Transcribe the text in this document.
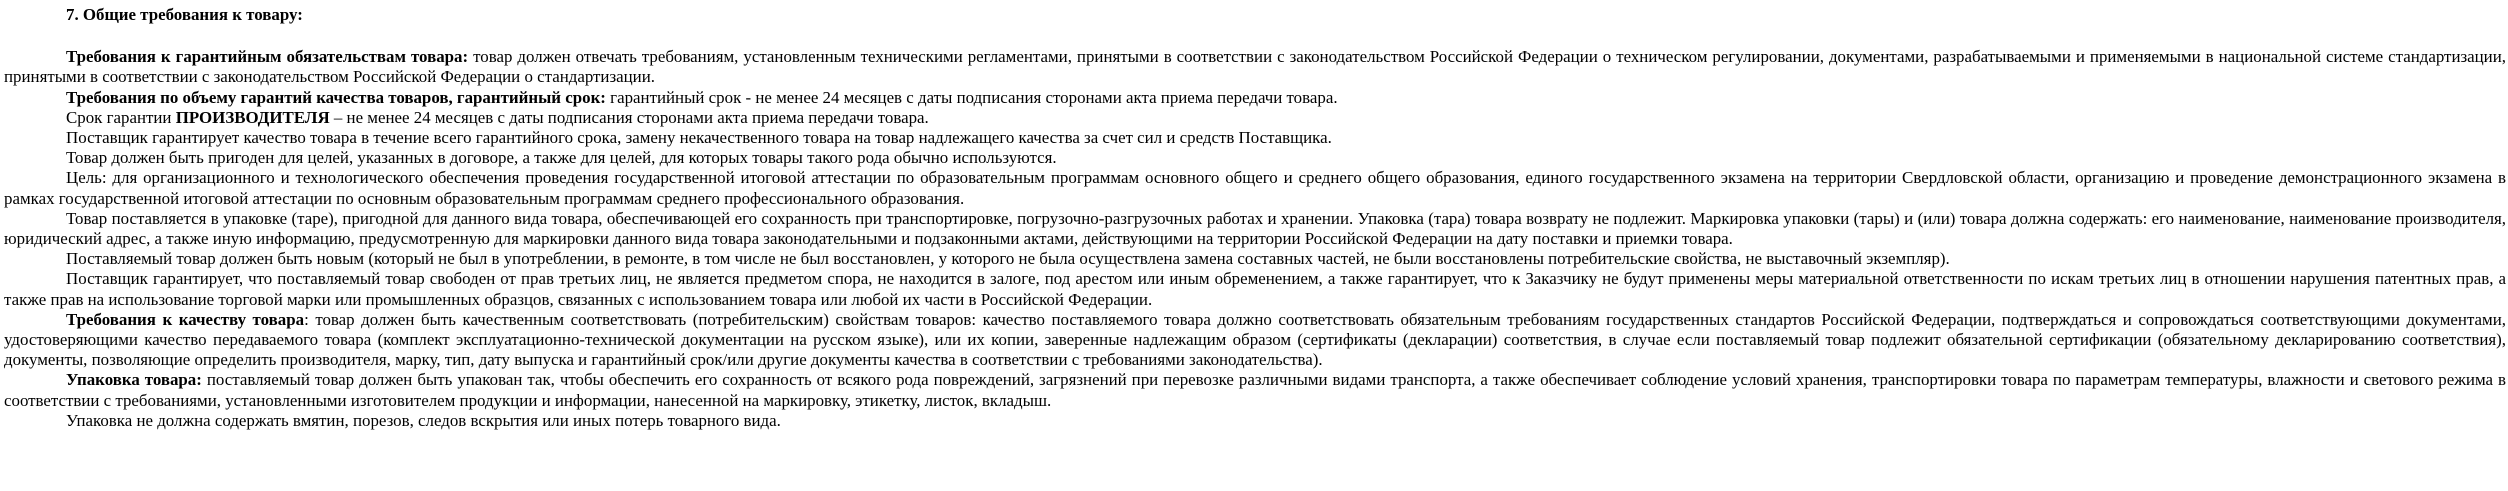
7. Общие требования к товару:

Требования к гарантийным обязательствам товара: товар должен отвечать требованиям, установленным техническими регламентами, принятыми в соответствии с законодательством Российской Федерации о техническом регулировании, документами, разрабатываемыми и применяемыми в национальной системе стандартизации, принятыми в соответствии с законодательством Российской Федерации о стандартизации.

Требования по объему гарантий качества товаров, гарантийный срок: гарантийный срок - не менее 24 месяцев с даты подписания сторонами акта приема передачи товара.

Срок гарантии ПРОИЗВОДИТЕЛЯ – не менее 24 месяцев с даты подписания сторонами акта приема передачи товара.

Поставщик гарантирует качество товара в течение всего гарантийного срока, замену некачественного товара на товар надлежащего качества за счет сил и средств Поставщика.

Товар должен быть пригоден для целей, указанных в договоре, а также для целей, для которых товары такого рода обычно используются.

Цель: для организационного и технологического обеспечения проведения государственной итоговой аттестации по образовательным программам основного общего и среднего общего образования, единого государственного экзамена на территории Свердловской области, организацию и проведение демонстрационного экзамена в рамках государственной итоговой аттестации по основным образовательным программам среднего профессионального образования.

Товар поставляется в упаковке (таре), пригодной для данного вида товара, обеспечивающей его сохранность при транспортировке, погрузочно-разгрузочных работах и хранении. Упаковка (тара) товара возврату не подлежит. Маркировка упаковки (тары) и (или) товара должна содержать: его наименование, наименование производителя, юридический адрес, а также иную информацию, предусмотренную для маркировки данного вида товара законодательными и подзаконными актами, действующими на территории Российской Федерации на дату поставки и приемки товара.

Поставляемый товар должен быть новым (который не был в употреблении, в ремонте, в том числе не был восстановлен, у которого не была осуществлена замена составных частей, не были восстановлены потребительские свойства, не выставочный экземпляр).

Поставщик гарантирует, что поставляемый товар свободен от прав третьих лиц, не является предметом спора, не находится в залоге, под арестом или иным обременением, а также гарантирует, что к Заказчику не будут применены меры материальной ответственности по искам третьих лиц в отношении нарушения патентных прав, а также прав на использование торговой марки или промышленных образцов, связанных с использованием товара или любой их части в Российской Федерации.

Требования к качеству товара: товар должен быть качественным соответствовать (потребительским) свойствам товаров: качество поставляемого товара должно соответствовать обязательным требованиям государственных стандартов Российской Федерации, подтверждаться и сопровождаться соответствующими документами, удостоверяющими качество передаваемого товара (комплект эксплуатационно-технической документации на русском языке), или их копии, заверенные надлежащим образом (сертификаты (декларации) соответствия, в случае если поставляемый товар подлежит обязательной сертификации (обязательному декларированию соответствия), документы, позволяющие определить производителя, марку, тип, дату выпуска и гарантийный срок/или другие документы качества в соответствии с требованиями законодательства).

Упаковка товара: поставляемый товар должен быть упакован так, чтобы обеспечить его сохранность от всякого рода повреждений, загрязнений при перевозке различными видами транспорта, а также обеспечивает соблюдение условий хранения, транспортировки товара по параметрам температуры, влажности и светового режима в соответствии с требованиями, установленными изготовителем продукции и информации, нанесенной на маркировку, этикетку, листок, вкладыш.

Упаковка не должна содержать вмятин, порезов, следов вскрытия или иных потерь товарного вида.
